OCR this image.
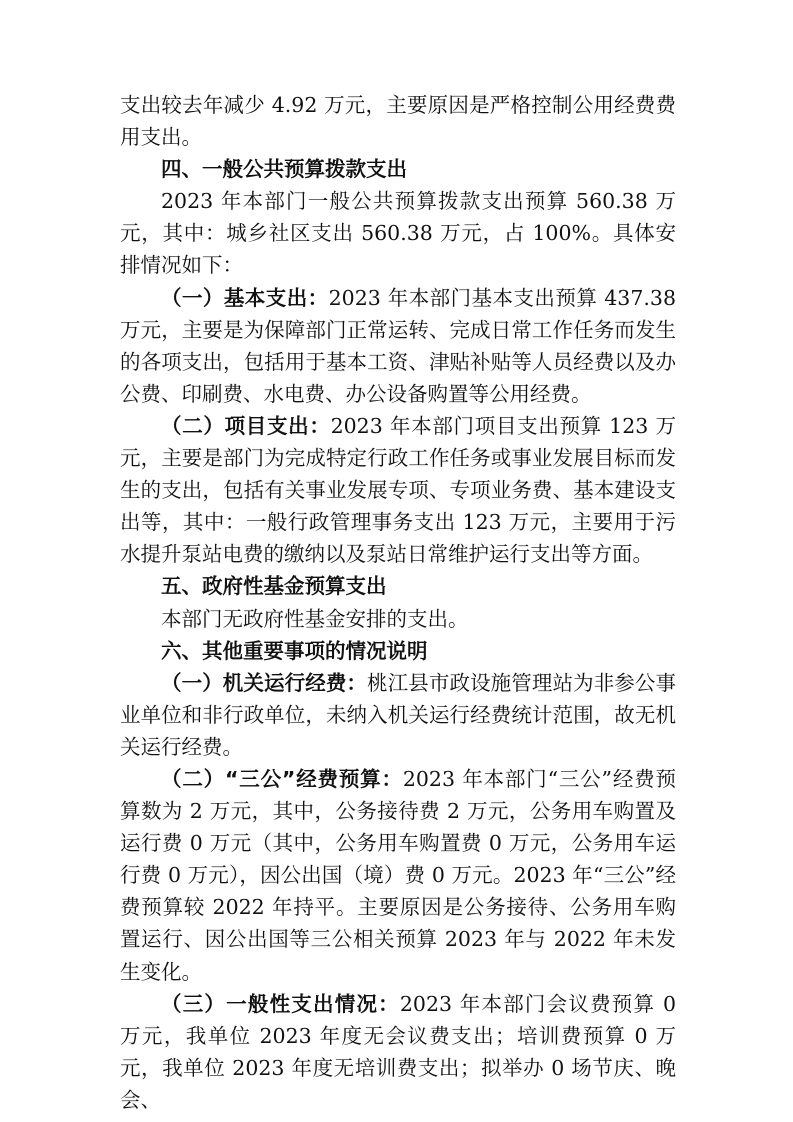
支出较去年减少 4.92 万元，主要原因是严格控制公用经费费用支出。

四、一般公共预算拨款支出

2023 年本部门一般公共预算拨款支出预算 560.38 万元，其中：城乡社区支出 560.38 万元，占 100%。具体安排情况如下：

（一）基本支出：2023 年本部门基本支出预算 437.38 万元，主要是为保障部门正常运转、完成日常工作任务而发生的各项支出，包括用于基本工资、津贴补贴等人员经费以及办公费、印刷费、水电费、办公设备购置等公用经费。

（二）项目支出：2023 年本部门项目支出预算 123 万元，主要是部门为完成特定行政工作任务或事业发展目标而发生的支出，包括有关事业发展专项、专项业务费、基本建设支出等，其中：一般行政管理事务支出 123 万元，主要用于污水提升泵站电费的缴纳以及泵站日常维护运行支出等方面。

五、政府性基金预算支出

本部门无政府性基金安排的支出。

六、其他重要事项的情况说明

（一）机关运行经费：桃江县市政设施管理站为非参公事业单位和非行政单位，未纳入机关运行经费统计范围，故无机关运行经费。

（二）“三公”经费预算：2023 年本部门“三公”经费预算数为 2 万元，其中，公务接待费 2 万元，公务用车购置及运行费 0 万元（其中，公务用车购置费 0 万元，公务用车运行费 0 万元），因公出国（境）费 0 万元。2023 年“三公”经费预算较 2022 年持平。主要原因是公务接待、公务用车购置运行、因公出国等三公相关预算 2023 年与 2022 年未发生变化。

（三）一般性支出情况：2023 年本部门会议费预算 0 万元，我单位 2023 年度无会议费支出；培训费预算 0 万元，我单位 2023 年度无培训费支出；拟举办 0 场节庆、晚会、
